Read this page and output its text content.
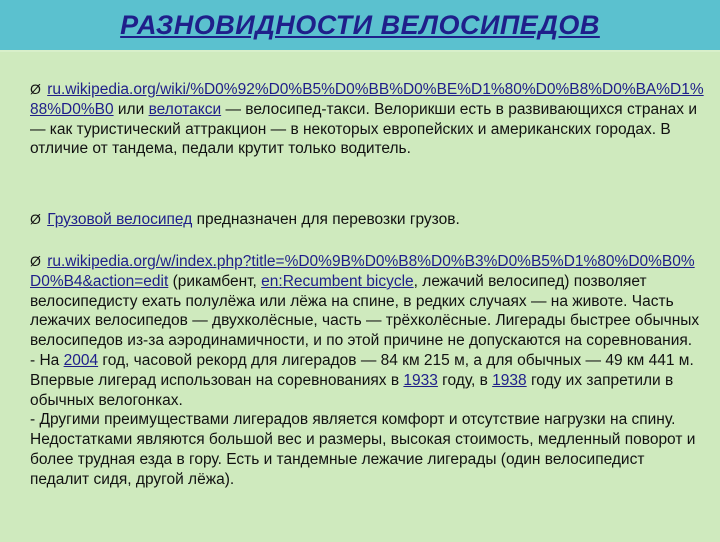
РАЗНОВИДНОСТИ ВЕЛОСИПЕДОВ

Ø ru.wikipedia.org/wiki/%D0%92%D0%B5%D0%BB%D0%BE%D1%80%D0%B8%D0%BA%D1%88%D0%B0 или велотакси — велосипед-такси. Велорикши есть в развивающихся странах и — как туристический аттракцион — в некоторых европейских и американских городах. В отличие от тандема, педали крутит только водитель.

Ø Грузовой велосипед предназначен для перевозки грузов.

Ø ru.wikipedia.org/w/index.php?title=%D0%9B%D0%B8%D0%B3%D0%B5%D1%80%D0%B0%D0%B4&action=edit (рикамбент, en:Recumbent bicycle, лежачий велосипед) позволяет велосипедисту ехать полулёжа или лёжа на спине, в редких случаях — на животе. Часть лежачих велосипедов — двухколёсные, часть — трёхколёсные. Лигерады быстрее обычных велосипедов из-за аэродинамичности, и по этой причине не допускаются на соревнования.
- На 2004 год, часовой рекорд для лигерадов — 84 км 215 м, а для обычных — 49 км 441 м. Впервые лигерад использован на соревнованиях в 1933 году, в 1938 году их запретили в обычных велогонках.
- Другими преимуществами лигерадов является комфорт и отсутствие нагрузки на спину. Недостатками являются большой вес и размеры, высокая стоимость, медленный поворот и более трудная езда в гору. Есть и тандемные лежачие лигерады (один велосипедист педалит сидя, другой лёжа).
